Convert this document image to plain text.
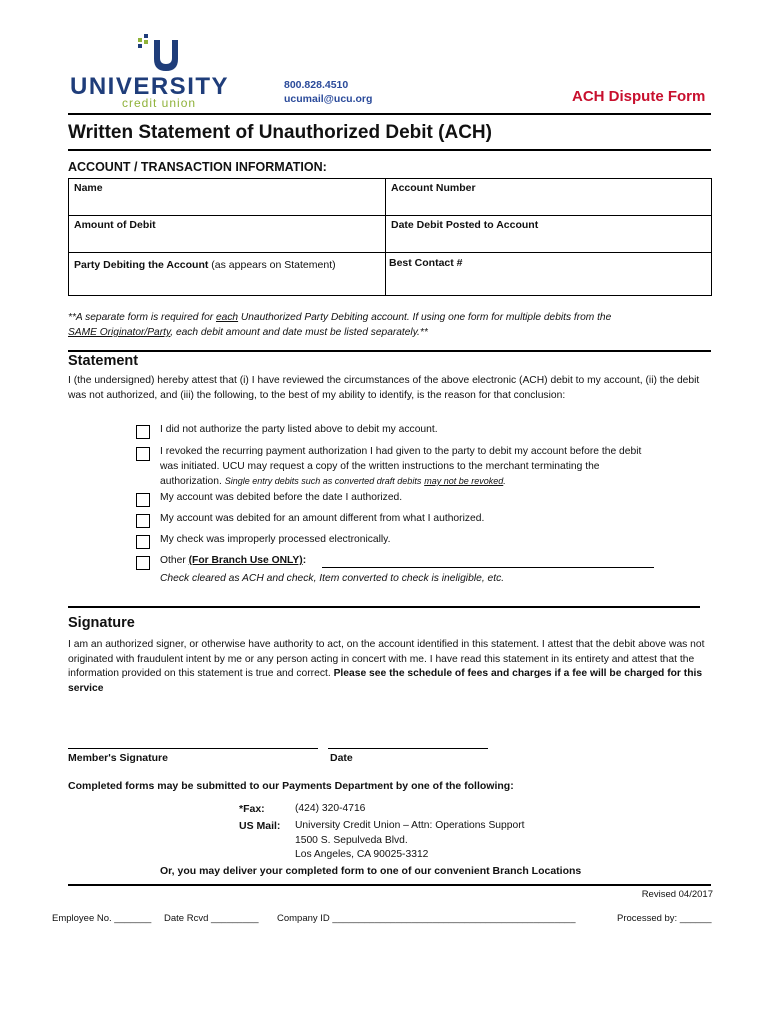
UNIVERSITY
credit union
800.828.4510
ucumail@ucu.org	ACH Dispute Form
Written Statement of Unauthorized Debit (ACH)
ACCOUNT / TRANSACTION INFORMATION:
Name	Account Number
Amount of Debit	Date Debit Posted to Account
Party Debiting the Account (as appears on Statement)	Best Contact #
**A separate form is required for each Unauthorized Party Debiting account. If using one form for multiple debits from the
SAME Originator/Party, each debit amount and date must be listed separately.**
Statement
I (the undersigned) hereby attest that (i) I have reviewed the circumstances of the above electronic (ACH) debit to my account, (ii) the debit was not authorized, and (iii) the following, to the best of my ability to identify, is the reason for that conclusion:
I did not authorize the party listed above to debit my account.
I revoked the recurring payment authorization I had given to the party to debit my account before the debit was initiated. UCU may request a copy of the written instructions to the merchant terminating the authorization. Single entry debits such as converted draft debits may not be revoked.
My account was debited before the date I authorized.
My account was debited for an amount different from what I authorized.
My check was improperly processed electronically.
Other (For Branch Use ONLY):
Check cleared as ACH and check, Item converted to check is ineligible, etc.
Signature
I am an authorized signer, or otherwise have authority to act, on the account identified in this statement. I attest that the debit above was not originated with fraudulent intent by me or any person acting in concert with me. I have read this statement in its entirety and attest that the information provided on this statement is true and correct. Please see the schedule of fees and charges if a fee will be charged for this service
Member's Signature	Date
Completed forms may be submitted to our Payments Department by one of the following:
*Fax:	(424) 320-4716
US Mail: University Credit Union – Attn: Operations Support
1500 S. Sepulveda Blvd.
Los Angeles, CA 90025-3312
Or, you may deliver your completed form to one of our convenient Branch Locations
Revised 04/2017
Employee No. _______ Date Rcvd _________ Company ID ______________________________________________	Processed by: ______
